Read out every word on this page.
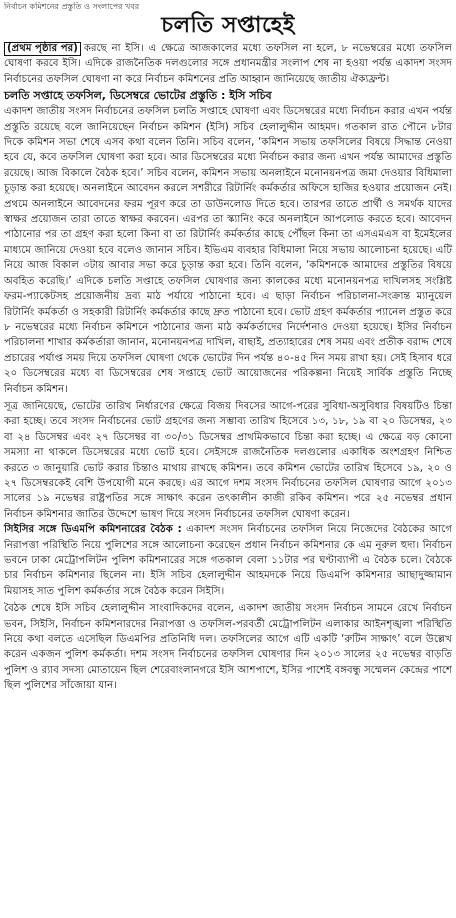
নির্বাচন কমিশনের প্রস্তুতি ও সংলাপের খবর
চলতি সপ্তাহেই

(প্রথম পৃষ্ঠার পর) করছে না ইসি। এ ক্ষেত্রে আজকালের মধ্যে তফসিল না হলে, ৮ নভেম্বরের মধ্যে তফসিল ঘোষণা করবে ইসি। এদিকে রাজনৈতিক দলগুলোর সঙ্গে প্রধানমন্ত্রীর সংলাপ শেষ না হওয়া পর্যন্ত একাদশ সংসদ নির্বাচনের তফসিল ঘোষণা না করে নির্বাচন কমিশনের প্রতি আহ্বান জানিয়েছে জাতীয় ঐক্যফ্রন্ট।

চলতি সপ্তাহে তফসিল, ডিসেম্বরে ভোটের প্রস্তুতি : ইসি সচিব

একাদশ জাতীয় সংসদ নির্বাচনের তফসিল চলতি সপ্তাহে ঘোষণা এবং ডিসেম্বরের মধ্যে নির্বাচন করার এখন পর্যন্ত প্রস্তুতি রয়েছে বলে জানিয়েছেন নির্বাচন কমিশন (ইসি) সচিব হেলালুদ্দীন আহমদ। গতকাল রাত পৌনে ৮টার দিকে কমিশন সভা শেষে এসব কথা বলেন তিনি। সচিব বলেন, ‘কমিশন সভায় তফসিলের বিষয়ে সিদ্ধান্ত নেওয়া হবে যে, কবে তফসিল ঘোষণা করা হবে। আর ডিসেম্বরের মধ্যে নির্বাচন করার জন্য এখন পর্যন্ত আমাদের প্রস্তুতি রয়েছে। আজ বিকালে বৈঠক হবে।’ সচিব বলেন, কমিশন সভায় অনলাইনে মনোনয়নপত্র জমা দেওয়ার বিধিমালা চূড়ান্ত করা হয়েছে। অনলাইনে আবেদন করলে সশরীরে রিটার্নিং কর্মকর্তার অফিসে হাজির হওয়ার প্রয়োজন নেই। প্রথমে অনলাইনে আবেদনের ফরম পূরণ করে তা ডাউনলোড দিতে হবে। তারপর তাতে প্রার্থী ও সমর্থক যাদের স্বাক্ষর প্রয়োজন তারা তাতে স্বাক্ষর করবেন। এরপর তা স্ক্যানিং করে অনলাইনে আপলোড করতে হবে। আবেদন পাঠানোর পর তা গ্রহণ করা হলো কিনা বা তা রিটার্নিং কর্মকর্তার কাছে পৌঁছল কিনা তা এসএমএস বা ইমেইলের মাধ্যমে জানিয়ে দেওয়া হবে বলেও জানান সচিব। ইভিএম ব্যবহার বিধিমালা নিয়ে সভায় আলোচনা হয়েছে। এটি নিয়ে আজ বিকাল ৩টায় আবার সভা করে চূড়ান্ত করা হবে। তিনি বলেন, ‘কমিশনকে আমাদের প্রস্তুতির বিষয়ে অবহিত করেছি।’ এদিকে চলতি সপ্তাহে তফসিল ঘোষণার জন্য কালকের মধ্যে মনোনয়নপত্র দাখিলসহ সংশ্লিষ্ট ফরম-প্যাকেটসহ প্রয়োজনীয় দ্রব্য মাঠ পর্যায়ে পাঠানো হবে। এ ছাড়া নির্বাচন পরিচালনা-সংক্রান্ত ম্যানুয়েল রিটার্নিং কর্মকর্তা ও সহকারী রিটার্নিং কর্মকর্তার কাছে দ্রুত পাঠানো হবে। ভোট গ্রহণ কর্মকর্তার প্যানেল প্রস্তুত করে ৮ নভেম্বরের মধ্যে নির্বাচন কমিশনে পাঠানোর জন্য মাঠ কর্মকর্তাদের নির্দেশনাও দেওয়া হয়েছে। ইসির নির্বাচন পরিচালনা শাখার কর্মকর্তারা জানান, মনোনয়নপত্র দাখিল, বাছাই, প্রত্যাহারের শেষ সময় এবং প্রতীক বরাদ্দ শেষে প্রচারের পর্যাপ্ত সময় দিয়ে তফসিল ঘোষণা থেকে ভোটের দিন পর্যন্ত ৪০-৪৫ দিন সময় রাখা হয়। সেই হিসাব ধরে ২০ ডিসেম্বরের মধ্যে বা ডিসেম্বরের শেষ সপ্তাহে ভোট আয়োজনের পরিকল্পনা নিয়েই সার্বিক প্রস্তুতি নিচ্ছে নির্বাচন কমিশন।

সূত্র জানিয়েছে, ভোটের তারিখ নির্ধারণের ক্ষেত্রে বিজয় দিবসের আগে-পরের সুবিধা-অসুবিধার বিষয়টিও চিন্তা করা হচ্ছে। তবে সংসদ নির্বাচনের ভোট গ্রহণের জন্য সম্ভাব্য তারিখ হিসেবে ১৩, ১৮, ১৯ বা ২০ ডিসেম্বর, ২৩ বা ২৪ ডিসেম্বর এবং ২৭ ডিসেম্বর বা ৩০/৩১ ডিসেম্বর প্রাথমিকভাবে চিন্তা করা হচ্ছে। এ ক্ষেত্রে বড় কোনো সমস্যা না থাকলে ডিসেম্বরের মধ্যে ভোট হবে। সেইসঙ্গে রাজনৈতিক দলগুলোর একাধিক অংশগ্রহণ নিশ্চিত করতে ৩ জানুয়ারি ভোট করার চিন্তাও মাথায় রাখছে কমিশন। তবে কমিশন ভোটের তারিখ হিসেবে ১৯, ২০ ও ২৭ ডিসেম্বরকেই বেশি উপযোগী মনে করছে। এর আগে দশম সংসদ নির্বাচনের তফসিল ঘোষণার আগে ২০১৩ সালের ১৯ নভেম্বর রাষ্ট্রপতির সঙ্গে সাক্ষাৎ করেন তৎকালীন কাজী রকিব কমিশন। পরে ২৫ নভেম্বর প্রধান নির্বাচন কমিশনার জাতির উদ্দেশে ভাষণ দিয়ে সংসদ নির্বাচনের তফসিল ঘোষণা করেন।

সিইসির সঙ্গে ডিএমপি কমিশনারের বৈঠক : একাদশ সংসদ নির্বাচনের তফসিল নিয়ে নিজেদের বৈঠকের আগে নিরাপত্তা পরিস্থিতি নিয়ে পুলিশের সঙ্গে আলোচনা করেছেন প্রধান নির্বাচন কমিশনার কে এম নূরুল হুদা। নির্বাচন ভবনে ঢাকা মেট্রোপলিটন পুলিশ কমিশনারের সঙ্গে গতকাল বেলা ১১টার পর ঘণ্টাব্যাপী এ বৈঠক চলে। বৈঠকে চার নির্বাচন কমিশনার ছিলেন না। ইসি সচিব হেলালুদ্দীন আহমদকে নিয়ে ডিএমপি কমিশনার আছাদুজ্জামান মিয়াসহ সাত পুলিশ কর্মকর্তার সঙ্গে বৈঠক করেন সিইসি।

বৈঠক শেষে ইসি সচিব হেলালুদ্দীন সাংবাদিকদের বলেন, একাদশ জাতীয় সংসদ নির্বাচন সামনে রেখে নির্বাচন ভবন, সিইসি, নির্বাচন কমিশনারদের নিরাপত্তা ও তফসিল-পরবর্তী মেট্রোপলিটন এলাকার আইনশৃঙ্খলা পরিস্থিতি নিয়ে কথা বলতে এসেছিল ডিএমপির প্রতিনিধি দল। তফসিলের আগে এটি একটি ‘রুটিন সাক্ষাৎ’ বলে উল্লেখ করেন একজন পুলিশ কর্মকর্তা। দশম সংসদ নির্বাচনের তফসিল ঘোষণার দিন ২০১৩ সালের ২৫ নভেম্বর বাড়তি পুলিশ ও র‌্যাব সদস্য মোতায়েন ছিল শেরেবাংলানগরে ইসি আশপাশে, ইসির পাশেই বঙ্গবন্ধু সম্মেলন কেন্দ্রের পাশে ছিল পুলিশের সাঁজোয়া যান।
